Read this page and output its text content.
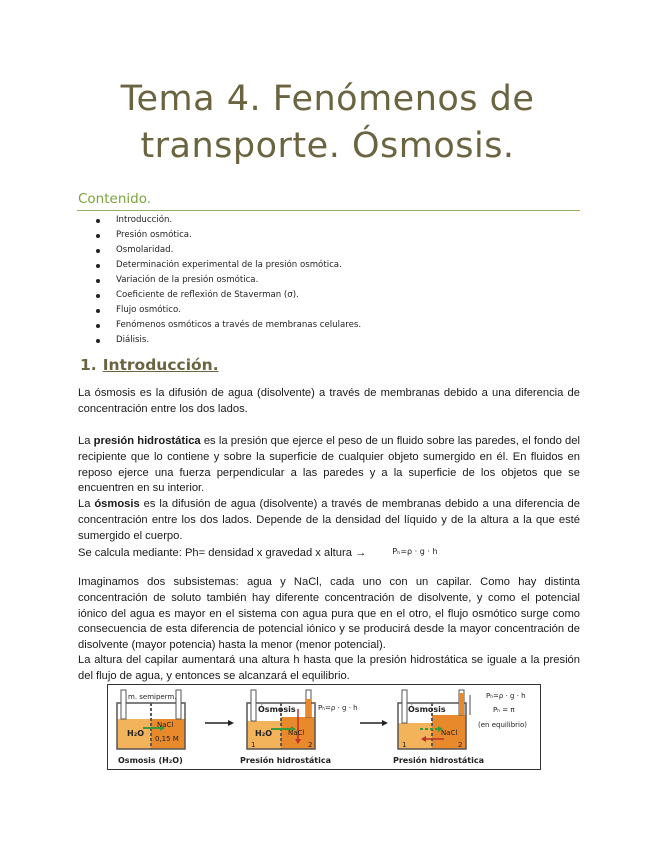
Tema 4. Fenómenos de
transporte. Ósmosis.
Contenido.
Introducción.
Presión osmótica.
Osmolaridad.
Determinación experimental de la presión osmótica.
Variación de la presión osmótica.
Coeficiente de reflexión de Staverman (σ).
Flujo osmótico.
Fenómenos osmóticos a través de membranas celulares.
Diálisis.
1. Introducción.
La ósmosis es la difusión de agua (disolvente) a través de membranas debido a una diferencia de concentración entre los dos lados.
La presión hidrostática es la presión que ejerce el peso de un fluido sobre las paredes, el fondo del recipiente que lo contiene y sobre la superficie de cualquier objeto sumergido en él. En fluidos en reposo ejerce una fuerza perpendicular a las paredes y a la superficie de los objetos que se encuentren en su interior.
La ósmosis es la difusión de agua (disolvente) a través de membranas debido a una diferencia de concentración entre los dos lados. Depende de la densidad del líquido y de la altura a la que esté sumergido el cuerpo.
Se calcula mediante: Ph= densidad x gravedad x altura →	Pₕ=ρ · g · h
Imaginamos dos subsistemas: agua y NaCl, cada uno con un capilar. Como hay distinta concentración de soluto también hay diferente concentración de disolvente, y como el potencial iónico del agua es mayor en el sistema con agua pura que en el otro, el flujo osmótico surge como consecuencia de esta diferencia de potencial iónico y se producirá desde la mayor concentración de disolvente (mayor potencia) hasta la menor (menor potencial).
La altura del capilar aumentará una altura h hasta que la presión hidrostática se iguale a la presión del flujo de agua, y entonces se alcanzará el equilibrio.
m. semiperm.
H₂O
NaCl
0,15 M
Osmosis (H₂O)
Ósmosis	Pₕ=ρ · g · h
H₂O NaCl
1	2
Presión hidrostática
Ósmosis
Pₕ=ρ · g · h
Pₕ = π
(en equilibrio)
NaCl
1	2
Presión hidrostática
